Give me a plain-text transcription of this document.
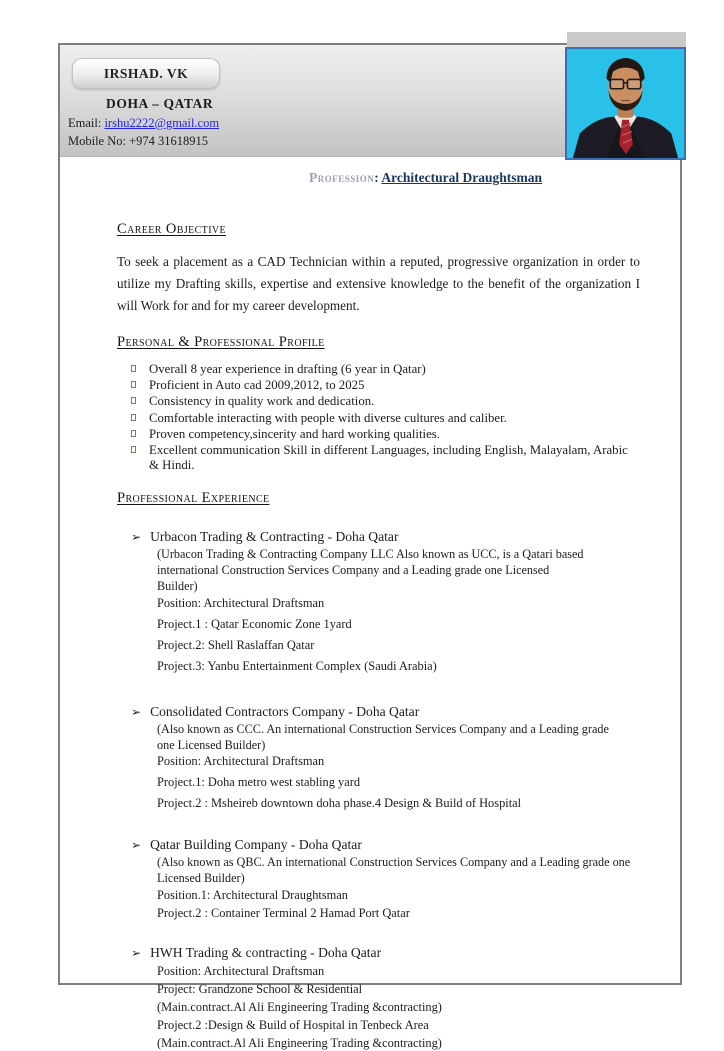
IRSHAD. VK
DOHA – QATAR
Email: irshu2222@gmail.com
Mobile No: +974 31618915
Profession: Architectural Draughtsman
Career Objective
To seek a placement as a CAD Technician within a reputed, progressive organization in order to utilize my Drafting skills, expertise and extensive knowledge to the benefit of the organization I will Work for and for my career development.
Personal & Professional Profile
Overall 8 year experience in drafting (6 year in Qatar)
Proficient in Auto cad 2009,2012, to 2025
Consistency in quality work and dedication.
Comfortable interacting with people with diverse cultures and caliber.
Proven competency,sincerity and hard working qualities.
Excellent communication Skill in different Languages, including English, Malayalam, Arabic & Hindi.
Professional Experience
➢ Urbacon Trading & Contracting - Doha Qatar
(Urbacon Trading & Contracting Company LLC Also known as UCC, is a Qatari based international Construction Services Company and a Leading grade one Licensed Builder)
Position: Architectural Draftsman
Project.1 : Qatar Economic Zone 1yard
Project.2: Shell Raslaffan Qatar
Project.3: Yanbu Entertainment Complex (Saudi Arabia)
➢ Consolidated Contractors Company - Doha Qatar
(Also known as CCC. An international Construction Services Company and a Leading grade one Licensed Builder)
Position: Architectural Draftsman
Project.1: Doha metro west stabling yard
Project.2 : Msheireb downtown doha phase.4 Design & Build of Hospital
➢ Qatar Building Company - Doha Qatar
(Also known as QBC. An international Construction Services Company and a Leading grade one Licensed Builder)
Position.1: Architectural Draughtsman
Project.2 : Container Terminal 2 Hamad Port Qatar
➢ HWH Trading & contracting - Doha Qatar
Position: Architectural Draftsman
Project: Grandzone School & Residential
(Main.contract.Al Ali Engineering Trading &contracting)
Project.2 :Design & Build of Hospital in Tenbeck Area
(Main.contract.Al Ali Engineering Trading &contracting)
